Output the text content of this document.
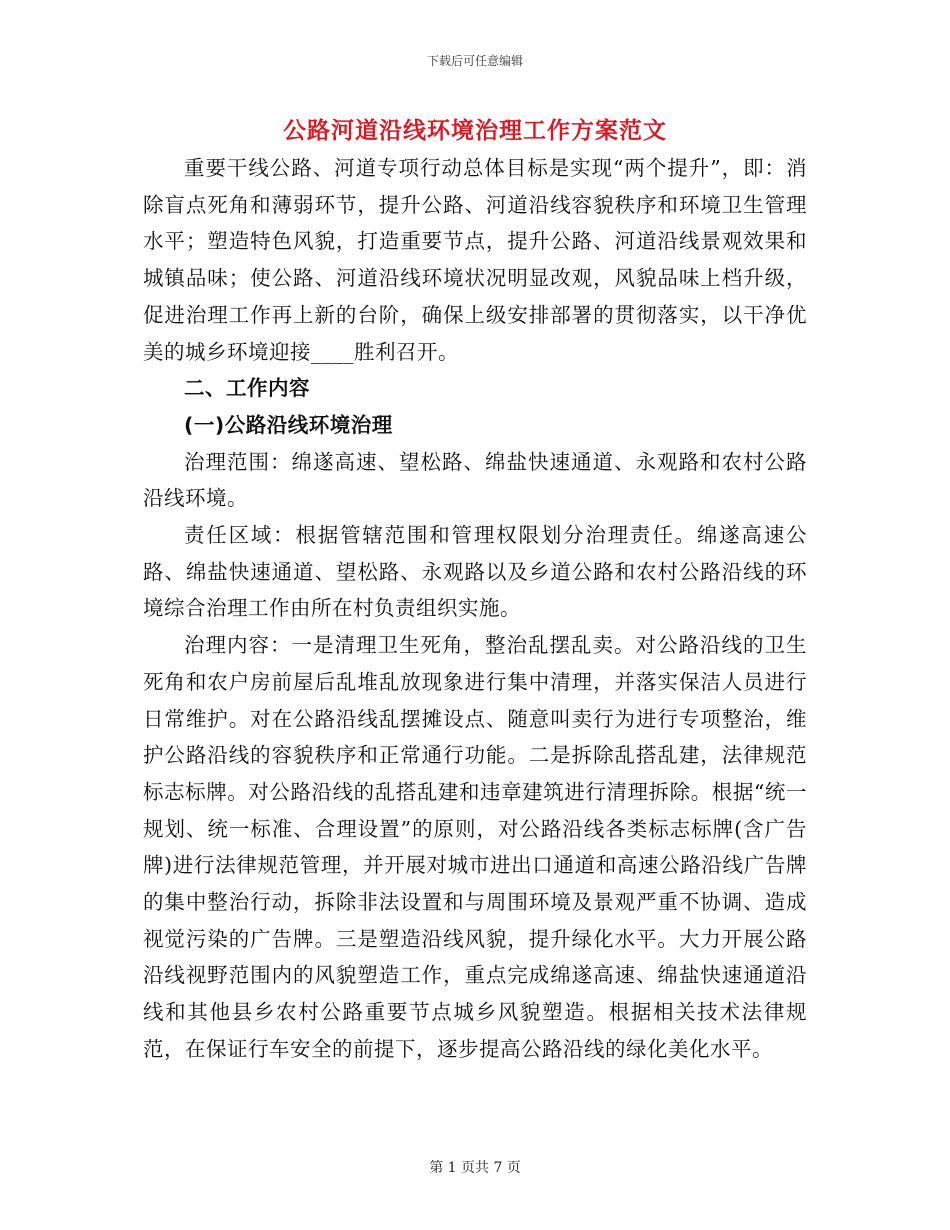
下载后可任意编辑
公路河道沿线环境治理工作方案范文

重要干线公路、河道专项行动总体目标是实现“两个提升”，即：消除盲点死角和薄弱环节，提升公路、河道沿线容貌秩序和环境卫生管理水平；塑造特色风貌，打造重要节点，提升公路、河道沿线景观效果和城镇品味；使公路、河道沿线环境状况明显改观，风貌品味上档升级，促进治理工作再上新的台阶，确保上级安排部署的贯彻落实，以干净优美的城乡环境迎接____胜利召开。

二、工作内容

(一)公路沿线环境治理

治理范围：绵遂高速、望松路、绵盐快速通道、永观路和农村公路沿线环境。

责任区域：根据管辖范围和管理权限划分治理责任。绵遂高速公路、绵盐快速通道、望松路、永观路以及乡道公路和农村公路沿线的环境综合治理工作由所在村负责组织实施。

治理内容：一是清理卫生死角，整治乱摆乱卖。对公路沿线的卫生死角和农户房前屋后乱堆乱放现象进行集中清理，并落实保洁人员进行日常维护。对在公路沿线乱摆摊设点、随意叫卖行为进行专项整治，维护公路沿线的容貌秩序和正常通行功能。二是拆除乱搭乱建，法律规范标志标牌。对公路沿线的乱搭乱建和违章建筑进行清理拆除。根据“统一规划、统一标准、合理设置”的原则，对公路沿线各类标志标牌(含广告牌)进行法律规范管理，并开展对城市进出口通道和高速公路沿线广告牌的集中整治行动，拆除非法设置和与周围环境及景观严重不协调、造成视觉污染的广告牌。三是塑造沿线风貌，提升绿化水平。大力开展公路沿线视野范围内的风貌塑造工作，重点完成绵遂高速、绵盐快速通道沿线和其他县乡农村公路重要节点城乡风貌塑造。根据相关技术法律规范，在保证行车安全的前提下，逐步提高公路沿线的绿化美化水平。

第 1 页共 7 页
